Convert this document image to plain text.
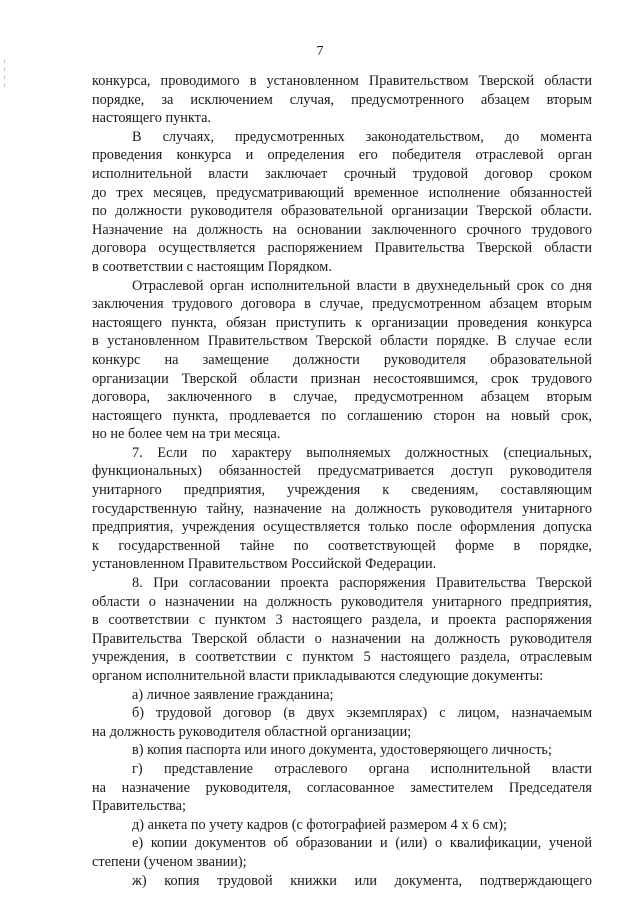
7
конкурса, проводимого в установленном Правительством Тверской области
порядке, за исключением случая, предусмотренного абзацем вторым
настоящего пункта.
В случаях, предусмотренных законодательством, до момента
проведения конкурса и определения его победителя отраслевой орган
исполнительной власти заключает срочный трудовой договор сроком
до трех месяцев, предусматривающий временное исполнение обязанностей
по должности руководителя образовательной организации Тверской области.
Назначение на должность на основании заключенного срочного трудового
договора осуществляется распоряжением Правительства Тверской области
в соответствии с настоящим Порядком.
Отраслевой орган исполнительной власти в двухнедельный срок со дня
заключения трудового договора в случае, предусмотренном абзацем вторым
настоящего пункта, обязан приступить к организации проведения конкурса
в установленном Правительством Тверской области порядке. В случае если
конкурс на замещение должности руководителя образовательной
организации Тверской области признан несостоявшимся, срок трудового
договора, заключенного в случае, предусмотренном абзацем вторым
настоящего пункта, продлевается по соглашению сторон на новый срок,
но не более чем на три месяца.
7. Если по характеру выполняемых должностных (специальных,
функциональных) обязанностей предусматривается доступ руководителя
унитарного предприятия, учреждения к сведениям, составляющим
государственную тайну, назначение на должность руководителя унитарного
предприятия, учреждения осуществляется только после оформления допуска
к государственной тайне по соответствующей форме в порядке,
установленном Правительством Российской Федерации.
8. При согласовании проекта распоряжения Правительства Тверской
области о назначении на должность руководителя унитарного предприятия,
в соответствии с пунктом 3 настоящего раздела, и проекта распоряжения
Правительства Тверской области о назначении на должность руководителя
учреждения, в соответствии с пунктом 5 настоящего раздела, отраслевым
органом исполнительной власти прикладываются следующие документы:
а) личное заявление гражданина;
б) трудовой договор (в двух экземплярах) с лицом, назначаемым
на должность руководителя областной организации;
в) копия паспорта или иного документа, удостоверяющего личность;
г) представление отраслевого органа исполнительной власти
на назначение руководителя, согласованное заместителем Председателя
Правительства;
д) анкета по учету кадров (с фотографией размером 4 х 6 см);
е) копии документов об образовании и (или) о квалификации, ученой
степени (ученом звании);
ж) копия трудовой книжки или документа, подтверждающего
